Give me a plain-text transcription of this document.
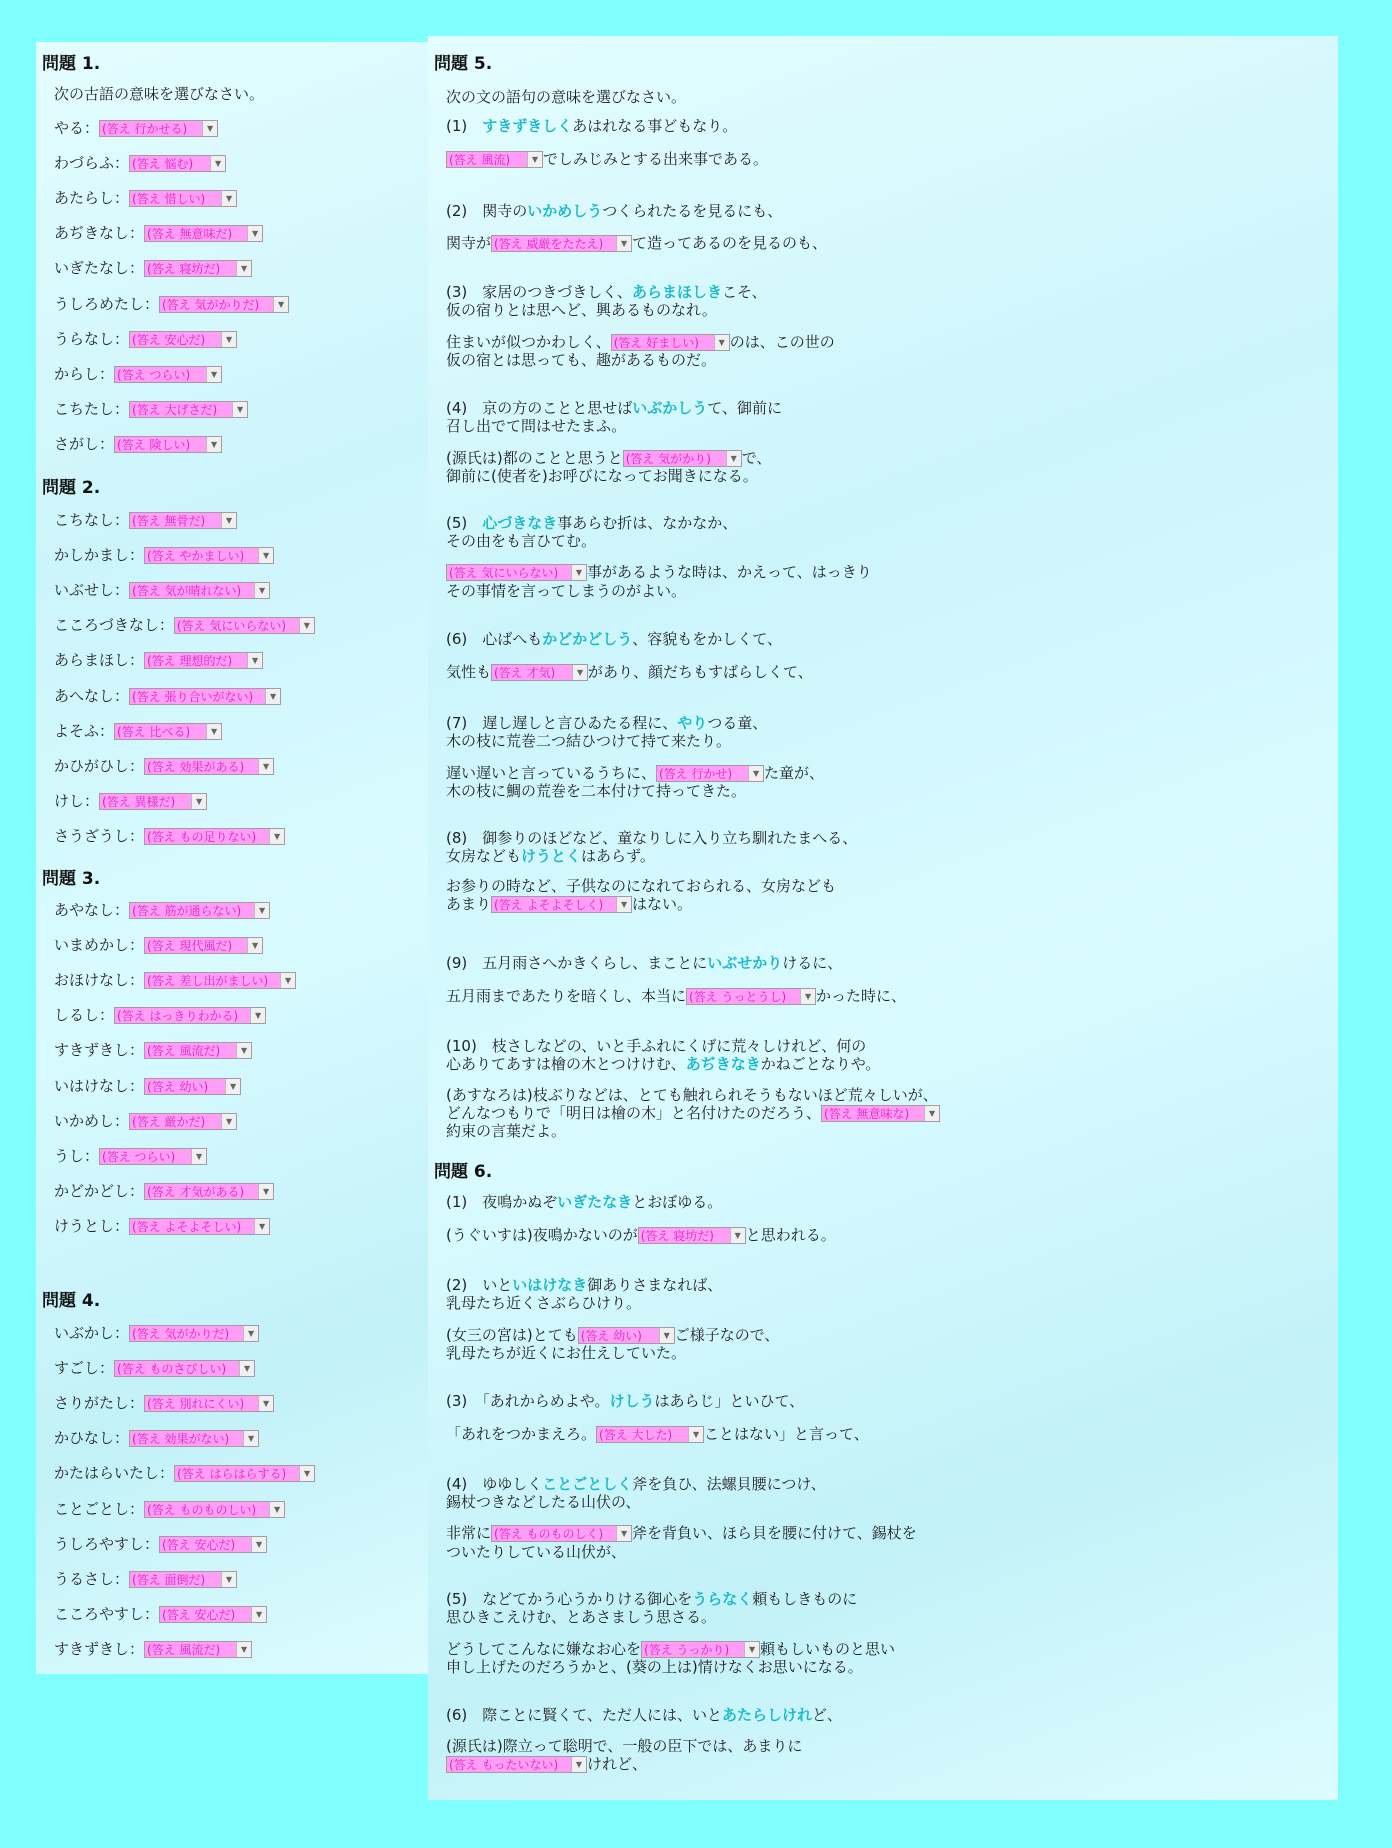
問題 1.
次の古語の意味を選びなさい。
やる： (答え 行かせる)	▼
わづらふ： (答え 悩む)	▼
あたらし： (答え 惜しい)	▼
あぢきなし： (答え 無意味だ)	▼
いぎたなし： (答え 寝坊だ)	▼
うしろめたし： (答え 気がかりだ)	▼
うらなし： (答え 安心だ)	▼
からし： (答え つらい)	▼
こちたし： (答え 大げさだ)	▼
さがし： (答え 険しい)	▼
問題 2.
こちなし： (答え 無骨だ)	▼
かしかまし： (答え やかましい)	▼
いぶせし： (答え 気が晴れない)	▼
こころづきなし： (答え 気にいらない)	▼
あらまほし： (答え 理想的だ)	▼
あへなし： (答え 張り合いがない)	▼
よそふ： (答え 比べる)	▼
かひがひし： (答え 効果がある)	▼
けし： (答え 異様だ)	▼
さうざうし： (答え もの足りない)	▼
問題 3.
あやなし： (答え 筋が通らない)	▼
いまめかし： (答え 現代風だ)	▼
おほけなし： (答え 差し出がましい)	▼
しるし： (答え はっきりわかる)	▼
すきずきし： (答え 風流だ)	▼
いはけなし： (答え 幼い)	▼
いかめし： (答え 厳かだ)	▼
うし： (答え つらい)	▼
かどかどし： (答え 才気がある)	▼
けうとし： (答え よそよそしい)	▼
問題 4.
いぶかし： (答え 気がかりだ)	▼
すごし： (答え ものさびしい)	▼
さりがたし： (答え 別れにくい)	▼
かひなし： (答え 効果がない)	▼
かたはらいたし： (答え はらはらする)	▼
ことごとし： (答え ものものしい)	▼
うしろやすし： (答え 安心だ)	▼
うるさし： (答え 面倒だ)	▼
こころやすし： (答え 安心だ)	▼
すきずきし： (答え 風流だ)	▼
問題 5.
次の文の語句の意味を選びなさい。
(1)　すきずきしくあはれなる事どもなり。
(答え 風流)	▼ でしみじみとする出来事である。
(2)　関寺のいかめしうつくられたるを見るにも、
関寺が (答え 威厳をたたえ)	▼ て造ってあるのを見るのも、
(3)　家居のつきづきしく、あらまほしきこそ、
仮の宿りとは思へど、興あるものなれ。
住まいが似つかわしく、 (答え 好ましい)	▼ のは、この世の
仮の宿とは思っても、趣があるものだ。
(4)　京の方のことと思せばいぶかしうて、御前に
召し出でて問はせたまふ。
(源氏は)都のことと思うと (答え 気がかり)	▼ で、
御前に(使者を)お呼びになってお聞きになる。
(5)　心づきなき事あらむ折は、なかなか、
その由をも言ひてむ。
(答え 気にいらない)	▼ 事があるような時は、かえって、はっきり
その事情を言ってしまうのがよい。
(6)　心ばへもかどかどしう、容貌もをかしくて、
気性も (答え 才気)	▼ があり、顔だちもすばらしくて、
(7)　遅し遅しと言ひゐたる程に、やりつる童、
木の枝に荒巻二つ結ひつけて持て来たり。
遅い遅いと言っているうちに、 (答え 行かせ)	▼ た童が、
木の枝に鯛の荒巻を二本付けて持ってきた。
(8)　御参りのほどなど、童なりしに入り立ち馴れたまへる、
女房などもけうとくはあらず。
お参りの時など、子供なのになれておられる、女房なども
あまり (答え よそよそしく)	▼ はない。
(9)　五月雨さへかきくらし、まことにいぶせかりけるに、
五月雨まであたりを暗くし、本当に (答え うっとうし)	▼ かった時に、
(10)　枝さしなどの、いと手ふれにくげに荒々しけれど、何の
心ありてあすは檜の木とつけけむ、あぢきなきかねごとなりや。
(あすなろは)枝ぶりなどは、とても触れられそうもないほど荒々しいが、
どんなつもりで「明日は檜の木」と名付けたのだろう、 (答え 無意味な)	▼
約束の言葉だよ。
問題 6.
(1)　夜鳴かぬぞいぎたなきとおぼゆる。
(うぐいすは)夜鳴かないのが (答え 寝坊だ)	▼ と思われる。
(2)　いといはけなき御ありさまなれば、
乳母たち近くさぶらひけり。
(女三の宮は)とても (答え 幼い)	▼ ご様子なので、
乳母たちが近くにお仕えしていた。
(3)　「あれからめよや。けしうはあらじ」といひて、
「あれをつかまえろ。 (答え 大した)	▼ ことはない」と言って、
(4)　ゆゆしくことごとしく斧を負ひ、法螺貝腰につけ、
錫杖つきなどしたる山伏の、
非常に (答え ものものしく)	▼ 斧を背負い、ほら貝を腰に付けて、錫杖を
ついたりしている山伏が、
(5)　などてかう心うかりける御心をうらなく頼もしきものに
思ひきこえけむ、とあさましう思さる。
どうしてこんなに嫌なお心を (答え うっかり)	▼ 頼もしいものと思い
申し上げたのだろうかと、(葵の上は)情けなくお思いになる。
(6)　際ことに賢くて、ただ人には、いとあたらしけれど、
(源氏は)際立って聡明で、一般の臣下では、あまりに
(答え もったいない)	▼ けれど、
